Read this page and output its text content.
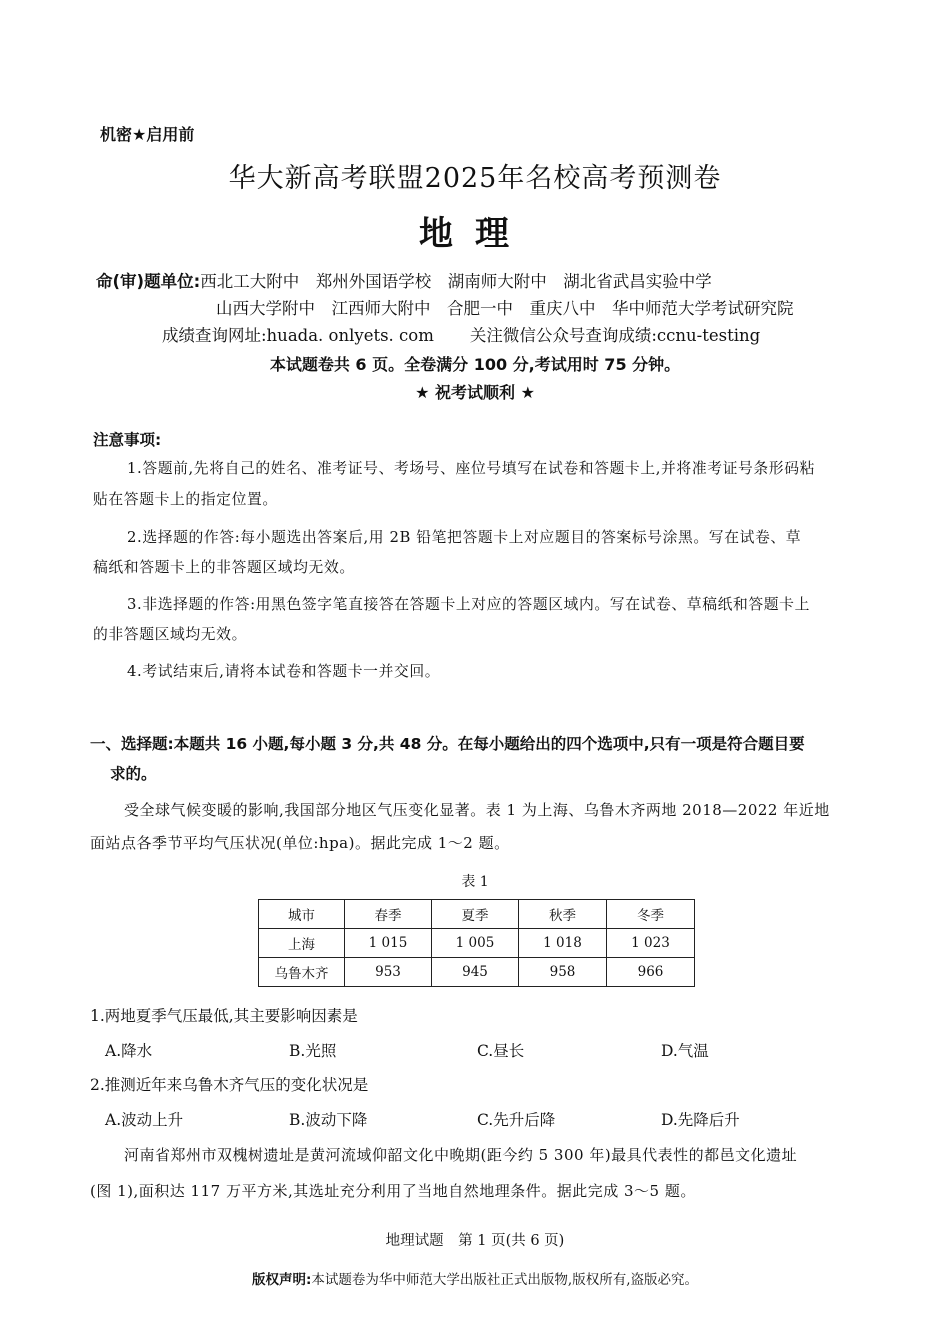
机密★启用前
华大新高考联盟2025年名校高考预测卷
地理
命(审)题单位:西北工大附中　郑州外国语学校　湖南师大附中　湖北省武昌实验中学
山西大学附中　江西师大附中　合肥一中　重庆八中　华中师范大学考试研究院
成绩查询网址:huada. onlyets. com 关注微信公众号查询成绩:ccnu-testing
本试题卷共 6 页。全卷满分 100 分,考试用时 75 分钟。
★ 祝考试顺利 ★
注意事项:
1.答题前,先将自己的姓名、准考证号、考场号、座位号填写在试卷和答题卡上,并将准考证号条形码粘
贴在答题卡上的指定位置。
2.选择题的作答:每小题选出答案后,用 2B 铅笔把答题卡上对应题目的答案标号涂黑。写在试卷、草
稿纸和答题卡上的非答题区域均无效。
3.非选择题的作答:用黑色签字笔直接答在答题卡上对应的答题区域内。写在试卷、草稿纸和答题卡上
的非答题区域均无效。
4.考试结束后,请将本试卷和答题卡一并交回。
一、选择题:本题共 16 小题,每小题 3 分,共 48 分。在每小题给出的四个选项中,只有一项是符合题目要
求的。
受全球气候变暖的影响,我国部分地区气压变化显著。表 1 为上海、乌鲁木齐两地 2018—2022 年近地
面站点各季节平均气压状况(单位:hpa)。据此完成 1～2 题。
表 1
城市	春季	夏季	秋季	冬季
上海	1 015	1 005	1 018	1 023
乌鲁木齐	953	945	958	966
1.两地夏季气压最低,其主要影响因素是
A.降水	B.光照	C.昼长	D.气温
2.推测近年来乌鲁木齐气压的变化状况是
A.波动上升	B.波动下降	C.先升后降	D.先降后升
河南省郑州市双槐树遗址是黄河流域仰韶文化中晚期(距今约 5 300 年)最具代表性的都邑文化遗址
(图 1),面积达 117 万平方米,其选址充分利用了当地自然地理条件。据此完成 3～5 题。
地理试题　第 1 页(共 6 页)
版权声明:本试题卷为华中师范大学出版社正式出版物,版权所有,盗版必究。
